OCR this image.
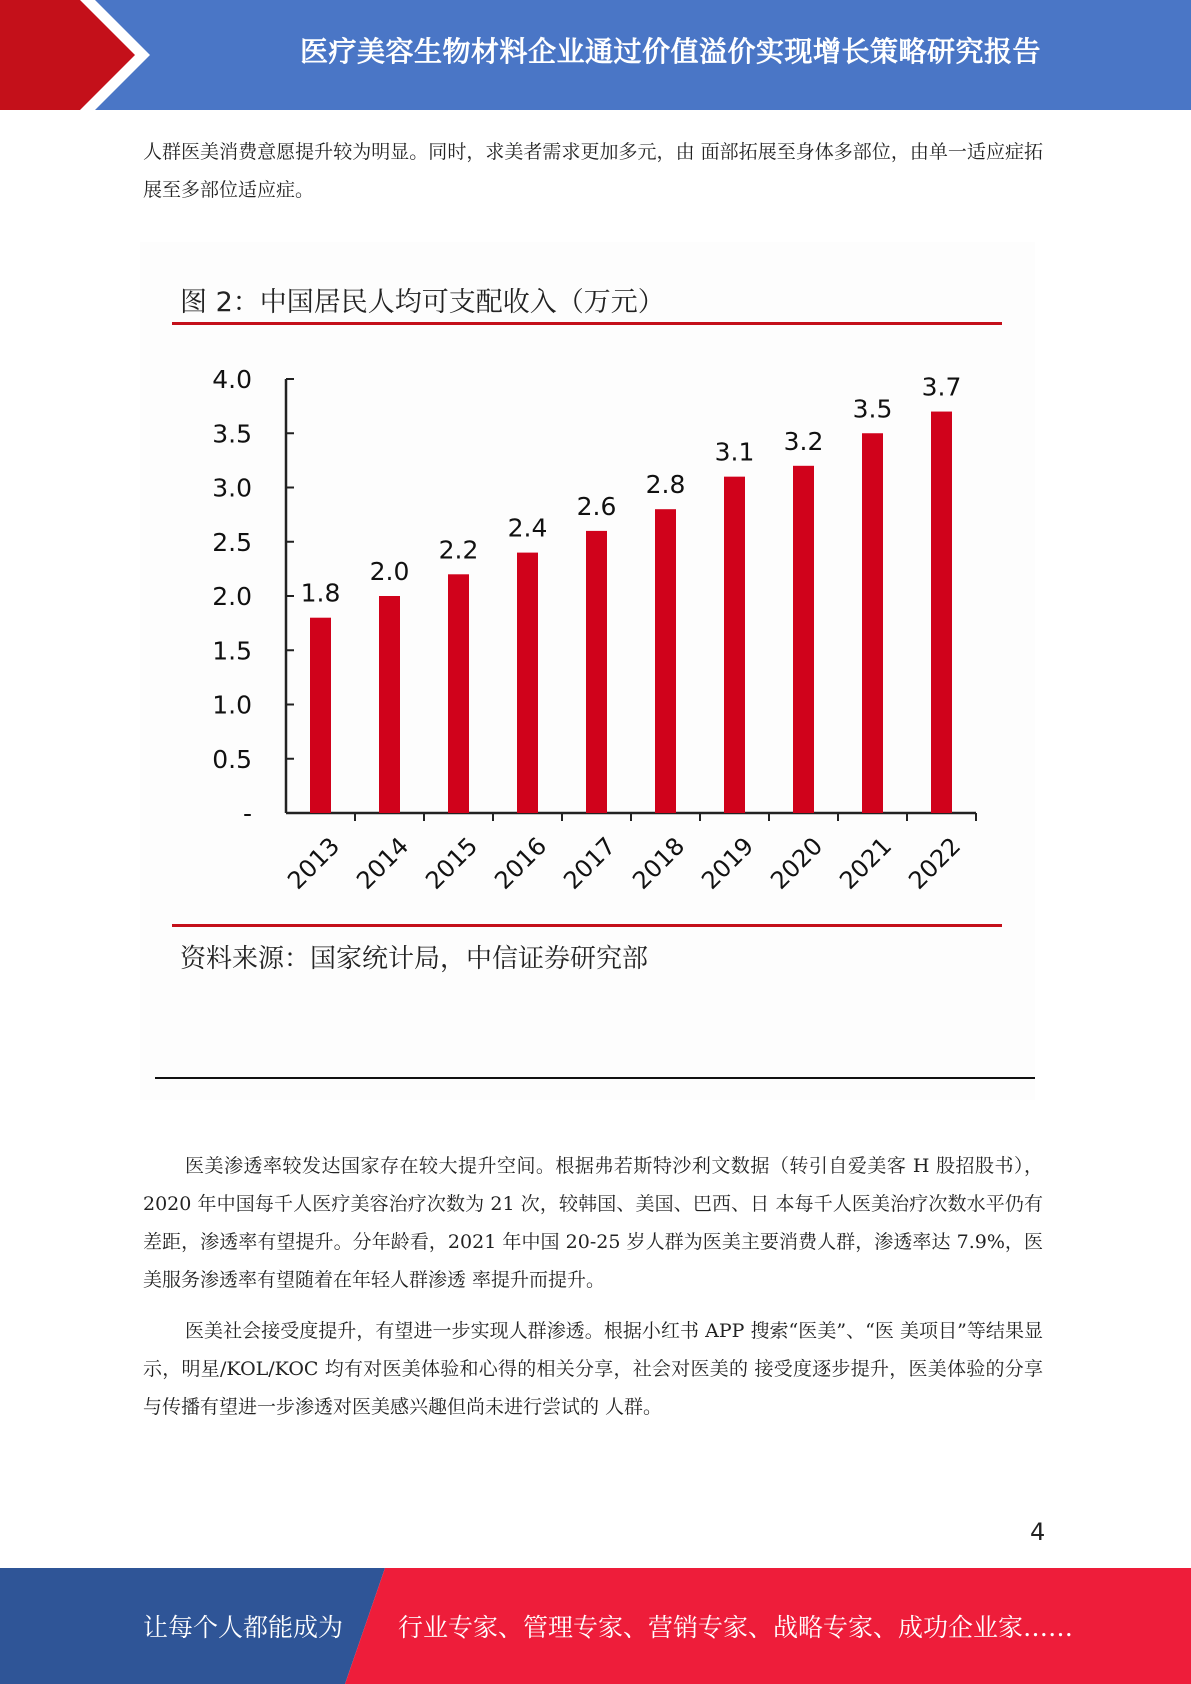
医疗美容生物材料企业通过价值溢价实现增长策略研究报告
人群医美消费意愿提升较为明显。同时，求美者需求更加多元，由 面部拓展至身体多部位，由单一适应症拓展至多部位适应症。
图 2：中国居民人均可支配收入（万元）
-
0.5
1.0
1.5
2.0
2.5
3.0
3.5
4.0
1.8
2013
2.0
2014
2.2
2015
2.4
2016
2.6
2017
2.8
2018
3.1
2019
3.2
2020
3.5
2021
3.7
2022
资料来源：国家统计局，中信证券研究部
医美渗透率较发达国家存在较大提升空间。根据弗若斯特沙利文数据（转引自爱美客 H 股招股书），2020 年中国每千人医疗美容治疗次数为 21 次，较韩国、美国、巴西、日 本每千人医美治疗次数水平仍有差距，渗透率有望提升。分年龄看，2021 年中国 20-25 岁人群为医美主要消费人群，渗透率达 7.9%，医美服务渗透率有望随着在年轻人群渗透 率提升而提升。
医美社会接受度提升，有望进一步实现人群渗透。根据小红书 APP 搜索“医美”、“医 美项目”等结果显示，明星/KOL/KOC 均有对医美体验和心得的相关分享，社会对医美的 接受度逐步提升，医美体验的分享与传播有望进一步渗透对医美感兴趣但尚未进行尝试的 人群。
4
让每个人都能成为 行业专家、管理专家、营销专家、战略专家、成功企业家……
